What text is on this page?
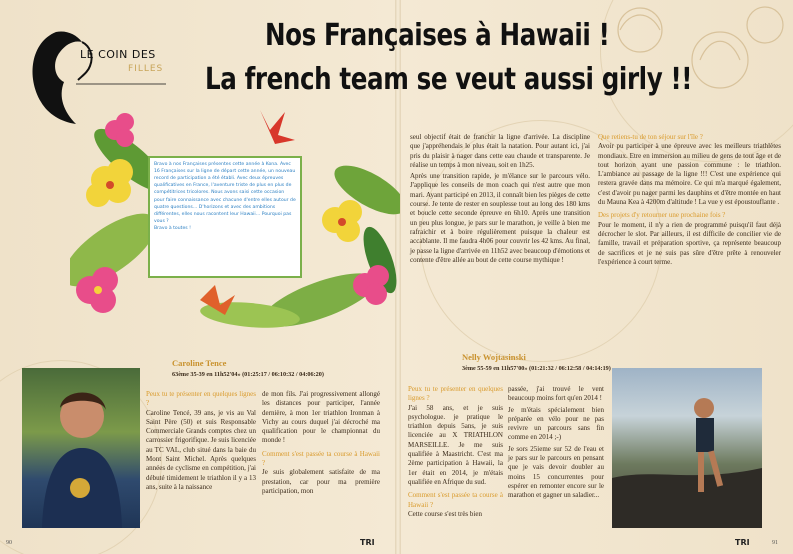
LE COIN DES
FILLES
Nos Françaises à Hawaii !
La french team se veut aussi girly !!

Bravo à nos Françaises présentes cette année à Kona. Avec 16 Françaises sur la ligne de départ cette année, un nouveau record de participation a été établi. Avec deux épreuves qualificatives en France, l'aventure triste de plus en plus de compétitrices tricolores. Nous avons saisi cette occasion pour faire connaissance avec chacune d'entre elles autour de quatre questions… D'horizons et avec des ambitions différentes, elles nous racontent leur Hawaii… Pourquoi pas vous ?
Bravo à toutes !

seul objectif était de franchir la ligne d'arrivée. La discipline que j'appréhendais le plus était la natation. Pour autant ici, j'ai pris du plaisir à nager dans cette eau chaude et transparente. Je réalise un temps à mon niveau, soit en 1h25.

Après une transition rapide, je m'élance sur le parcours vélo. J'applique les conseils de mon coach qui n'est autre que mon mari. Ayant participé en 2013, il connaît bien les pièges de cette course. Je tente de rester en souplesse tout au long des 180 kms et boucle cette seconde épreuve en 6h10. Après une transition un peu plus longue, je pars sur le marathon, je veille à bien me rafraichir et à boire régulièrement puisque la chaleur est accablante. Il me faudra 4h06 pour couvrir les 42 kms. Au final, je passe la ligne d'arrivée en 11h52 avec beaucoup d'émotions et contente d'être allée au bout de cette course mythique !

Que retiens-tu de ton séjour sur l'île ?
Avoir pu participer à une épreuve avec les meilleurs triathlètes mondiaux. Etre en immersion au milieu de gens de tout âge et de tout horizon ayant une passion commune : le triathlon. L'ambiance au passage de la ligne !!! C'est une expérience qui restera gravée dans ma mémoire. Ce qui m'a marqué également, c'est d'avoir pu nager parmi les dauphins et d'être montée en haut du Mauna Kea à 4200m d'altitude ! La vue y est époustouflante .

Des projets d'y retourner une prochaine fois ?
Pour le moment, il n'y a rien de programmé puisqu'il faut déjà décrocher le slot. Par ailleurs, il est difficile de concilier vie de famille, travail et préparation sportive, ça représente beaucoup de sacrifices et je ne suis pas sûre d'être prête à renouveler l'expérience à court terme.

Caroline Tence
63ème 35-39 en 11h52'04» (01:25:17 / 06:10:32 / 04:06:20)

Peux tu te présenter en quelques lignes ?
Caroline Tencé, 39 ans, je vis au Val Saint Père (50) et suis Responsable Commerciale Grands comptes chez un carrossier frigorifique. Je suis licenciée au TC VAL, club situé dans la baie du Mont Saint Michel. Après quelques années de cyclisme en compétition, j'ai débuté timidement le triathlon il y a 13 ans, suite à la naissance

de mon fils. J'ai progressivement allongé les distances pour participer, l'année dernière, à mon 1er triathlon Ironman à Vichy au cours duquel j'ai décroché ma qualification pour le championnat du monde !

Comment s'est passée ta course à Hawaii ?
Je suis globalement satisfaite de ma prestation, car pour ma première participation, mon

Nelly Wojtasinski
3ème 55-59 en 11h57'00» (01:21:32 / 06:12:58 / 04:14:19)

Peux tu te présenter en quelques lignes ?
J'ai 58 ans, et je suis psychologue. je pratique le triathlon depuis 5ans, je suis licenciée au X TRIATHLON MARSEILLE. Je me suis qualifiée à Maastricht. C'est ma 2ème participation à Hawaii, la 1er était en 2014, je m'étais qualifiée en Afrique du sud.

Comment s'est passée ta course à Hawaii ?
Cette course s'est très bien

passée, j'ai trouvé le vent beaucoup moins fort qu'en 2014 !

Je m'étais spécialement bien préparée en vélo pour ne pas revivre un parcours sans fin comme en 2014 ;-)

Je sors 25ieme sur 52 de l'eau et je pars sur le parcours en pensant que je vais devoir doubler au moins 15 concurrentes pour espérer en remonter encore sur le marathon et gagner un saladier...

90	TRI	TRI	91
